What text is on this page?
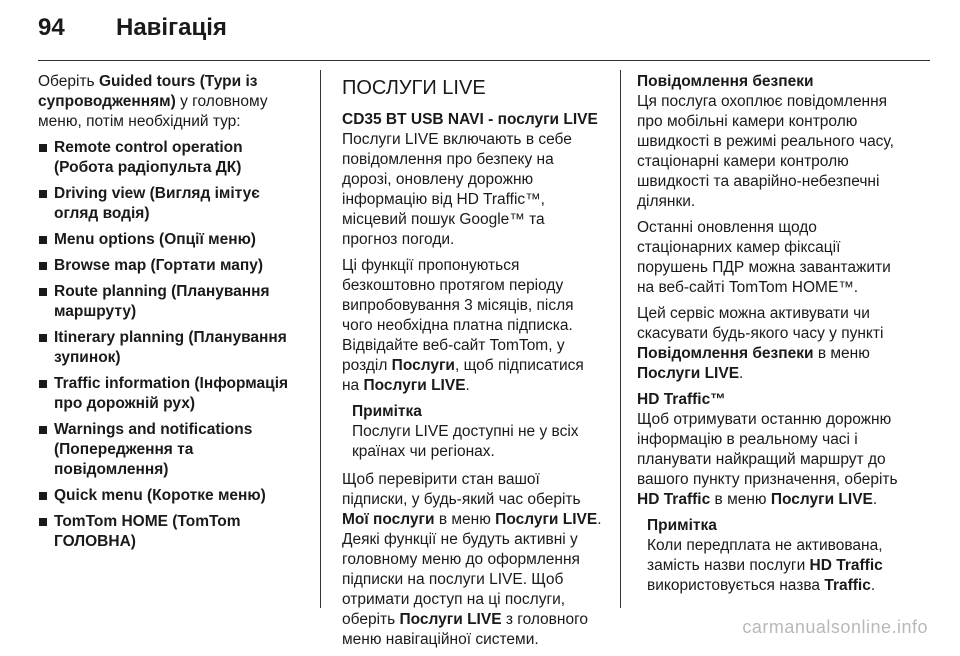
94	Навігація

Оберіть Guided tours (Тури із супроводженням) у головному меню, потім необхідний тур:

Remote control operation (Робота радіопульта ДК)
Driving view (Вигляд імітує огляд водія)
Menu options (Опції меню)
Browse map (Гортати мапу)
Route planning (Планування маршруту)
Itinerary planning (Планування зупинок)
Traffic information (Інформація про дорожній рух)
Warnings and notifications (Попередження та повідомлення)
Quick menu (Коротке меню)
TomTom HOME (TomTom ГОЛОВНА)
ПОСЛУГИ LIVE

CD35 BT USB NAVI - послуги LIVE
Послуги LIVE включають в себе повідомлення про безпеку на дорозі, оновлену дорожню інформацію від HD Traffic™, місцевий пошук Google™ та прогноз погоди.

Ці функції пропонуються безкоштовно протягом періоду випробовування 3 місяців, після чого необхідна платна підписка. Відвідайте веб-сайт TomTom, у розділ Послуги, щоб підписатися на Послуги LIVE.

Примітка
Послуги LIVE доступні не у всіх країнах чи регіонах.

Щоб перевірити стан вашої підписки, у будь-який час оберіть Мої послуги в меню Послуги LIVE. Деякі функції не будуть активні у головному меню до оформлення підписки на послуги LIVE. Щоб отримати доступ на ці послуги, оберіть Послуги LIVE з головного меню навігаційної системи.

Повідомлення безпеки
Ця послуга охоплює повідомлення про мобільні камери контролю швидкості в режимі реального часу, стаціонарні камери контролю швидкості та аварійно-небезпечні ділянки.

Останні оновлення щодо стаціонарних камер фіксації порушень ПДР можна завантажити на веб-сайті TomTom HOME™.

Цей сервіс можна активувати чи скасувати будь-якого часу у пункті Повідомлення безпеки в меню Послуги LIVE.

HD Traffic™
Щоб отримувати останню дорожню інформацію в реальному часі і планувати найкращий маршрут до вашого пункту призначення, оберіть HD Traffic в меню Послуги LIVE.

Примітка
Коли передплата не активована, замість назви послуги HD Traffic використовується назва Traffic.
carmanualsonline.info
